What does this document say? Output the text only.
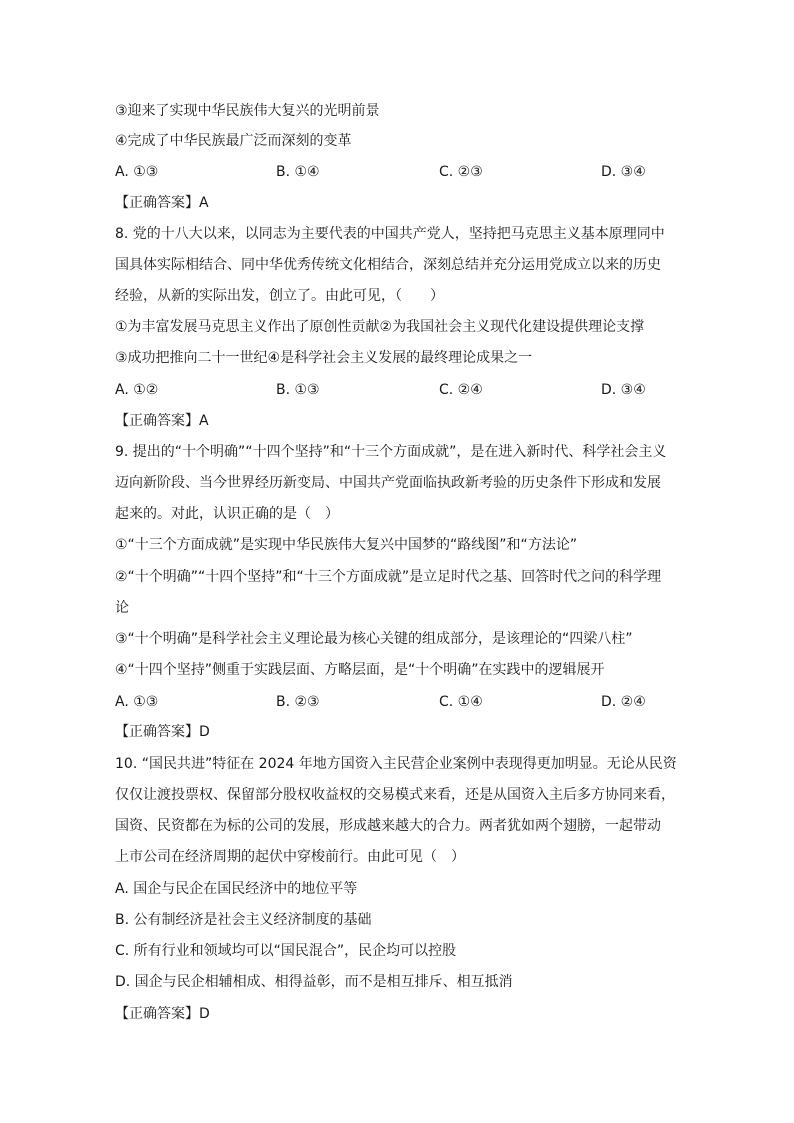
③迎来了实现中华民族伟大复兴的光明前景
④完成了中华民族最广泛而深刻的变革
A. ①③	B. ①④	C. ②③	D. ③④
【正确答案】A
8. 党的十八大以来，以同志为主要代表的中国共产党人，坚持把马克思主义基本原理同中
国具体实际相结合、同中华优秀传统文化相结合，深刻总结并充分运用党成立以来的历史
经验，从新的实际出发，创立了。由此可见，（　　）
①为丰富发展马克思主义作出了原创性贡献②为我国社会主义现代化建设提供理论支撑
③成功把推向二十一世纪④是科学社会主义发展的最终理论成果之一
A. ①②	B. ①③	C. ②④	D. ③④
【正确答案】A
9. 提出的“十个明确”“十四个坚持”和“十三个方面成就”，是在进入新时代、科学社会主义
迈向新阶段、当今世界经历新变局、中国共产党面临执政新考验的历史条件下形成和发展
起来的。对此，认识正确的是（　）
①“十三个方面成就”是实现中华民族伟大复兴中国梦的“路线图”和“方法论”
②“十个明确”“十四个坚持”和“十三个方面成就”是立足时代之基、回答时代之问的科学理
论
③“十个明确”是科学社会主义理论最为核心关键的组成部分，是该理论的“四梁八柱”
④“十四个坚持”侧重于实践层面、方略层面，是“十个明确”在实践中的逻辑展开
A. ①③	B. ②③	C. ①④	D. ②④
【正确答案】D
10. “国民共进”特征在 2024 年地方国资入主民营企业案例中表现得更加明显。无论从民资
仅仅让渡投票权、保留部分股权收益权的交易模式来看，还是从国资入主后多方协同来看，
国资、民资都在为标的公司的发展，形成越来越大的合力。两者犹如两个翅膀，一起带动
上市公司在经济周期的起伏中穿梭前行。由此可见（　）
A. 国企与民企在国民经济中的地位平等
B. 公有制经济是社会主义经济制度的基础
C. 所有行业和领域均可以“国民混合”，民企均可以控股
D. 国企与民企相辅相成、相得益彰，而不是相互排斥、相互抵消
【正确答案】D
